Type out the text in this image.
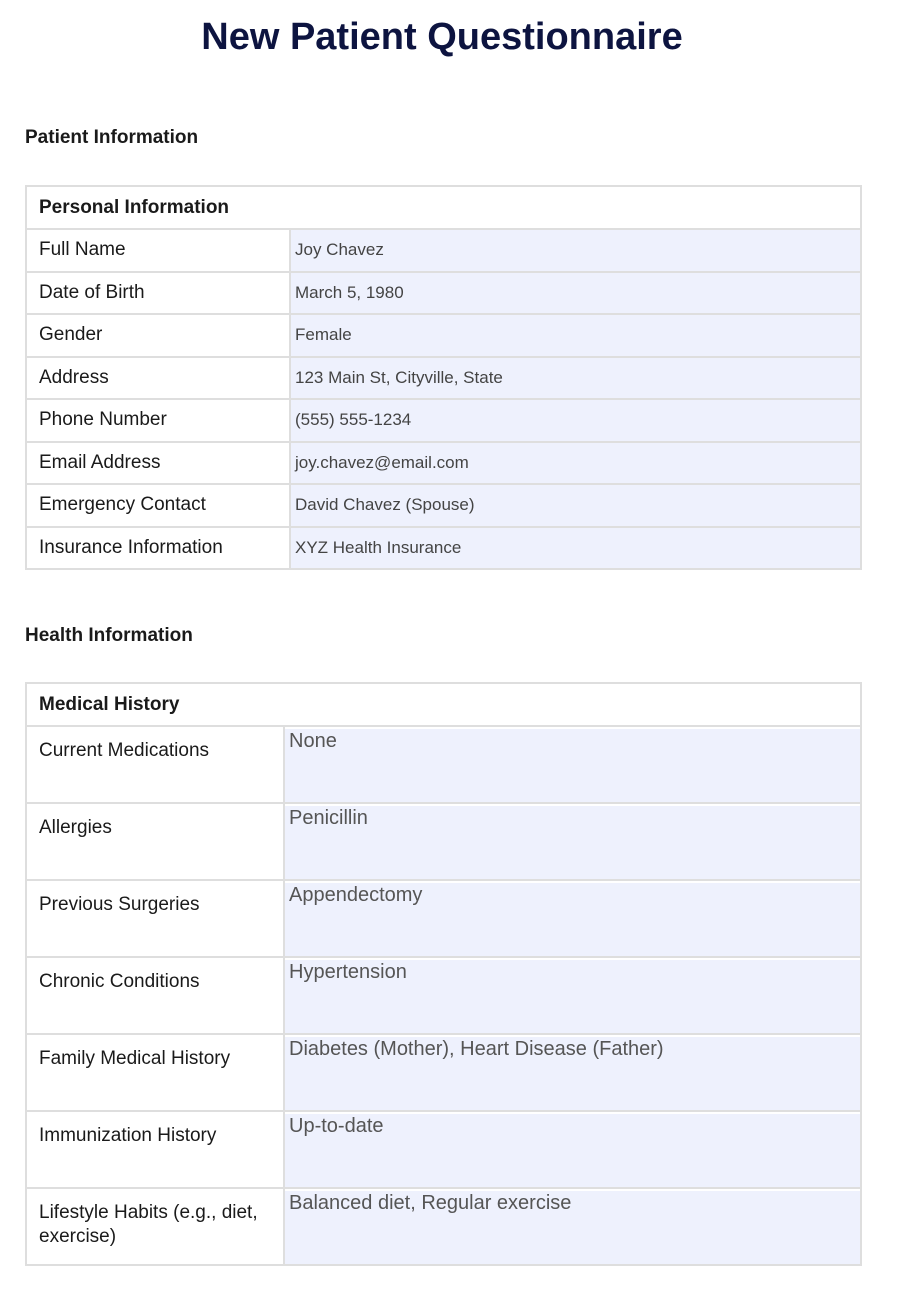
New Patient Questionnaire
Patient Information
Personal Information	
Full Name	Joy Chavez
Date of Birth	March 5, 1980
Gender	Female
Address	123 Main St, Cityville, State
Phone Number	(555) 555-1234
Email Address	joy.chavez@email.com
Emergency Contact	David Chavez (Spouse)
Insurance Information	XYZ Health Insurance
Health Information
Medical History	
Current Medications	None
Allergies	Penicillin
Previous Surgeries	Appendectomy
Chronic Conditions	Hypertension
Family Medical History	Diabetes (Mother), Heart Disease (Father)
Immunization History	Up-to-date
Lifestyle Habits (e.g., diet, exercise)	Balanced diet, Regular exercise
